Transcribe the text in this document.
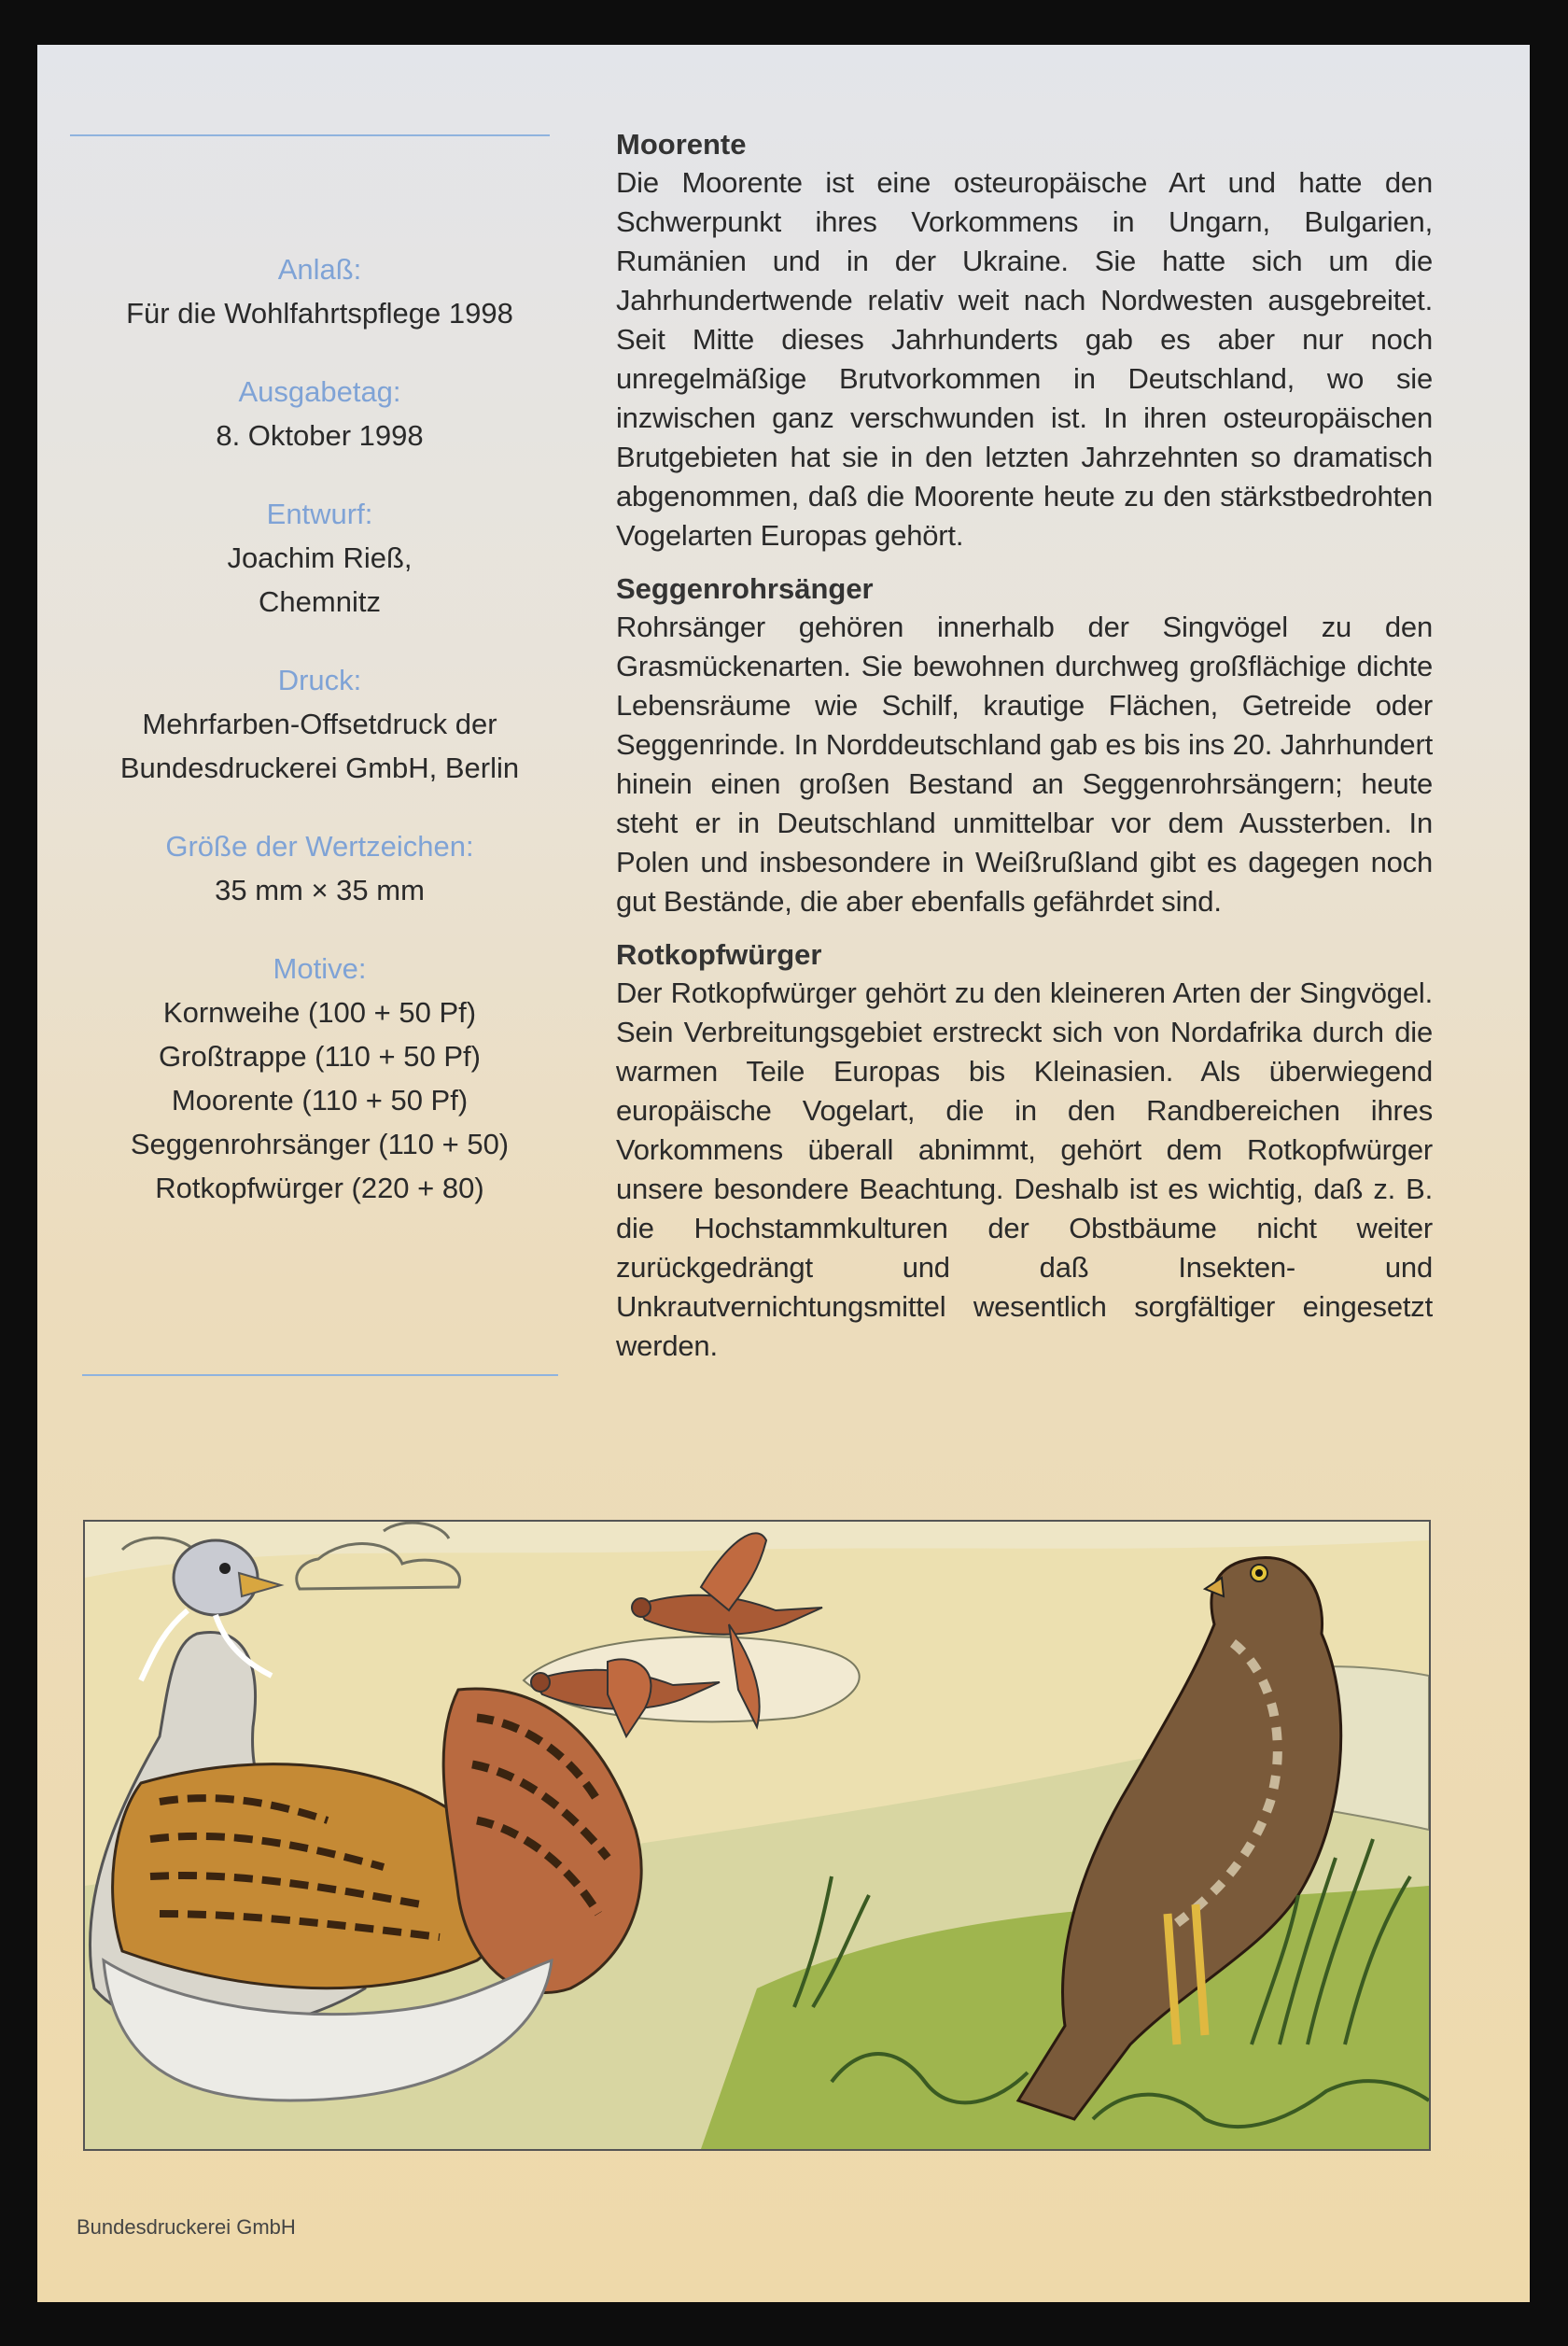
Anlaß:
Für die Wohlfahrtspflege 1998
Ausgabetag:
8. Oktober 1998
Entwurf:
Joachim Rieß,
Chemnitz
Druck:
Mehrfarben-Offsetdruck der
Bundesdruckerei GmbH, Berlin
Größe der Wertzeichen:
35 mm × 35 mm
Motive:
Kornweihe (100 + 50 Pf)
Großtrappe (110 + 50 Pf)
Moorente (110 + 50 Pf)
Seggenrohrsänger (110 + 50)
Rotkopfwürger (220 + 80)
Moorente

Die Moorente ist eine osteuropäische Art und hatte den Schwerpunkt ihres Vorkommens in Ungarn, Bulgarien, Rumänien und in der Ukraine. Sie hatte sich um die Jahrhundertwende relativ weit nach Nordwesten ausgebreitet. Seit Mitte dieses Jahrhunderts gab es aber nur noch unregelmäßige Brutvorkommen in Deutschland, wo sie inzwischen ganz verschwunden ist. In ihren osteuropäischen Brutgebieten hat sie in den letzten Jahrzehnten so dramatisch abgenommen, daß die Moorente heute zu den stärkstbedrohten Vogelarten Europas gehört.

Seggenrohrsänger

Rohrsänger gehören innerhalb der Singvögel zu den Grasmückenarten. Sie bewohnen durchweg großflächige dichte Lebensräume wie Schilf, krautige Flächen, Getreide oder Seggenrinde. In Norddeutschland gab es bis ins 20. Jahrhundert hinein einen großen Bestand an Seggenrohrsängern; heute steht er in Deutschland unmittelbar vor dem Aussterben. In Polen und insbesondere in Weißrußland gibt es dagegen noch gut Bestände, die aber ebenfalls gefährdet sind.

Rotkopfwürger

Der Rotkopfwürger gehört zu den kleineren Arten der Singvögel. Sein Verbreitungsgebiet erstreckt sich von Nordafrika durch die warmen Teile Europas bis Kleinasien. Als überwiegend europäische Vogelart, die in den Randbereichen ihres Vorkommens überall abnimmt, gehört dem Rotkopfwürger unsere besondere Beachtung. Deshalb ist es wichtig, daß z. B. die Hochstammkulturen der Obstbäume nicht weiter zurückgedrängt und daß Insekten- und Unkrautvernichtungsmittel wesentlich sorgfältiger eingesetzt werden.

Bundesdruckerei GmbH
